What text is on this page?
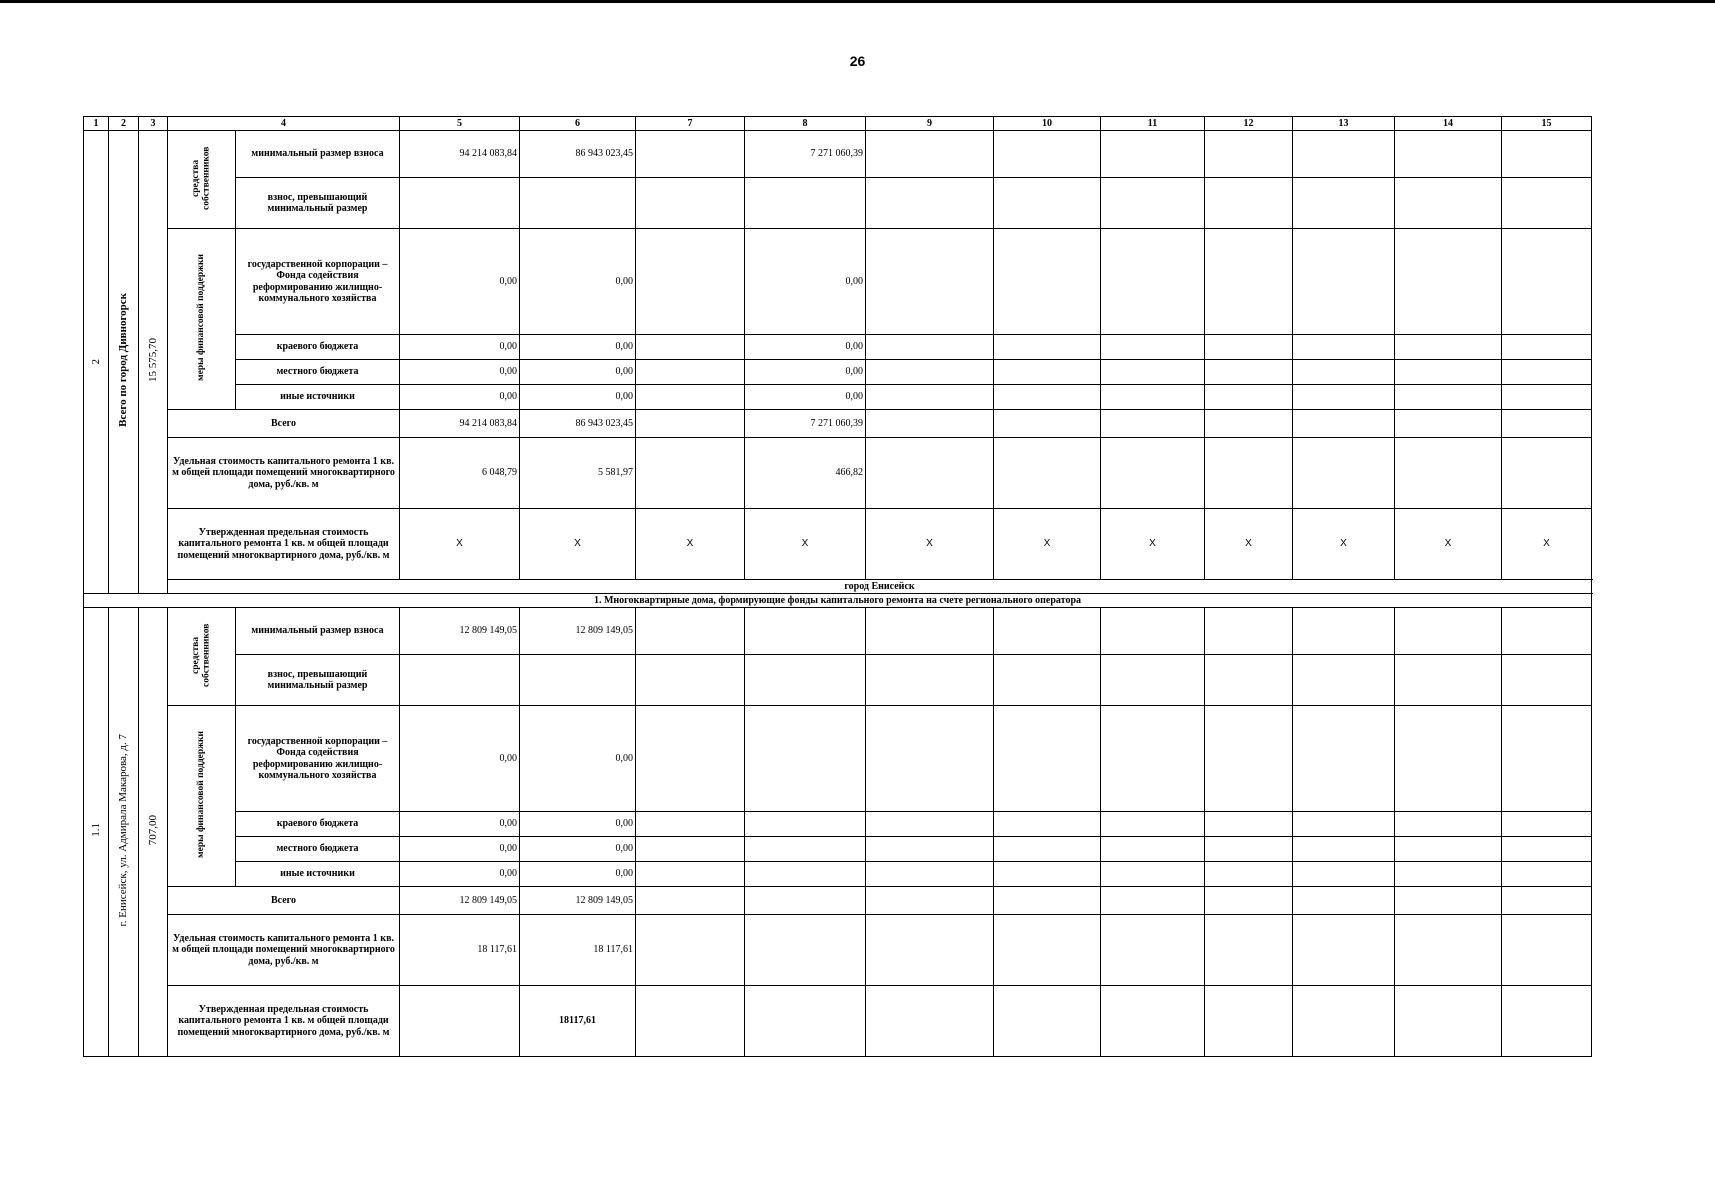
26
1	2	3	4		5	6	7	8	9	10	11	12	13	14	15
2	Всего по город Дивногорск	15 575,70	средства собственников	минимальный размер взноса	94 214 083,84	86 943 023,45		7 271 060,39							
				взнос, превышающий минимальный размер											
			меры финансовой поддержки	государственной корпорации – Фонда содействия реформированию жилищно-коммунального хозяйства	0,00	0,00		0,00							
				краевого бюджета	0,00	0,00		0,00							
				местного бюджета	0,00	0,00		0,00							
				иные источники	0,00	0,00		0,00							
			Всего		94 214 083,84	86 943 023,45		7 271 060,39							
			Удельная стоимость капитального ремонта 1 кв. м общей площади помещений многоквартирного дома, руб./кв. м		6 048,79	5 581,97		466,82							
			Утвержденная предельная стоимость капитального ремонта 1 кв. м общей площади помещений многоквартирного дома, руб./кв. м		X	X	X	X	X	X	X	X	X	X	X
			город Енисейск												
1. Многоквартирные дома, формирующие фонды капитального ремонта на счете регионального оператора															
1.1	г. Енисейск, ул. Адмирала Макарова, д. 7	707,00	средства собственников	минимальный размер взноса	12 809 149,05	12 809 149,05									
				взнос, превышающий минимальный размер											
			меры финансовой поддержки	государственной корпорации – Фонда содействия реформированию жилищно-коммунального хозяйства	0,00	0,00									
				краевого бюджета	0,00	0,00									
				местного бюджета	0,00	0,00									
				иные источники	0,00	0,00									
			Всего		12 809 149,05	12 809 149,05									
			Удельная стоимость капитального ремонта 1 кв. м общей площади помещений многоквартирного дома, руб./кв. м		18 117,61	18 117,61									
			Утвержденная предельная стоимость капитального ремонта 1 кв. м общей площади помещений многоквартирного дома, руб./кв. м			18117,61									
